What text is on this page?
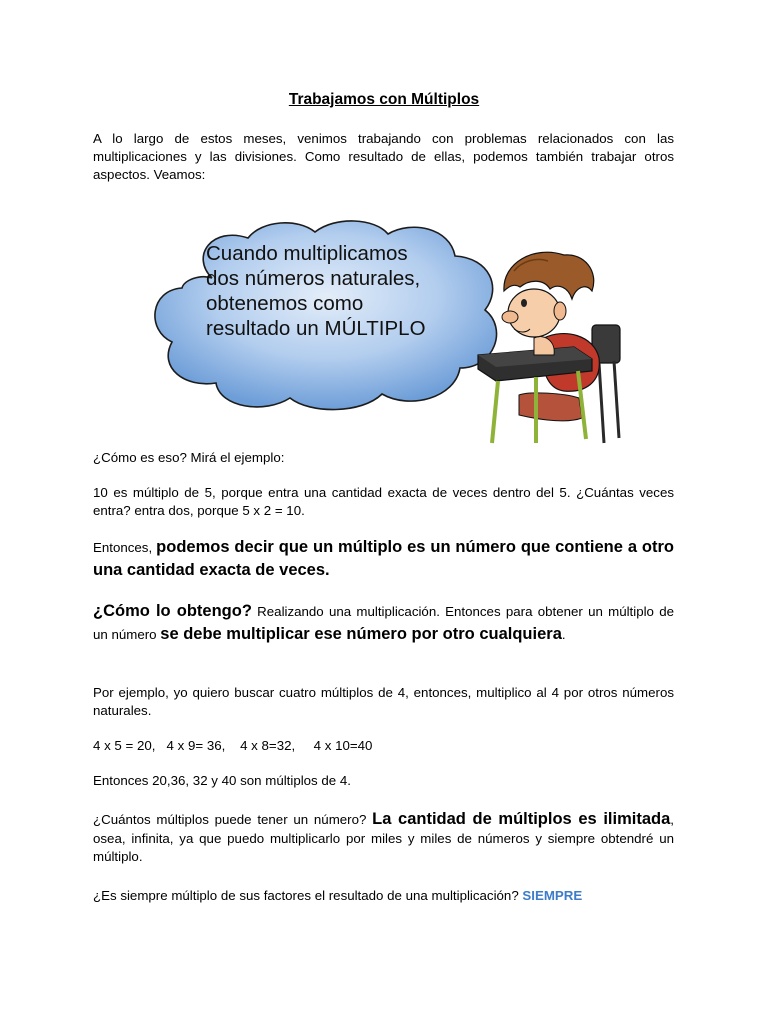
Trabajamos con Múltiplos

A lo largo de estos meses, venimos trabajando con problemas relacionados con las multiplicaciones y las divisiones. Como resultado de ellas, podemos también trabajar otros aspectos. Veamos:

Cuando multiplicamos
dos números naturales,
obtenemos como
resultado un MÚLTIPLO

¿Cómo es eso? Mirá el ejemplo:

10 es múltiplo de 5, porque entra una cantidad exacta de veces dentro del 5. ¿Cuántas veces entra? entra dos, porque 5 x 2 = 10.

Entonces, podemos decir que un múltiplo es un número que contiene a otro una cantidad exacta de veces.

¿Cómo lo obtengo? Realizando una multiplicación. Entonces para obtener un múltiplo de un número se debe multiplicar ese número por otro cualquiera.

Por ejemplo, yo quiero buscar cuatro múltiplos de 4, entonces, multiplico al 4 por otros números naturales.

4 x 5 = 20,   4 x 9= 36,    4 x 8=32,     4 x 10=40

Entonces 20,36, 32 y 40 son múltiplos de 4.

¿Cuántos múltiplos puede tener un número? La cantidad de múltiplos es ilimitada, osea, infinita, ya que puedo multiplicarlo por miles y miles de números y siempre obtendré un múltiplo.

¿Es siempre múltiplo de sus factores el resultado de una multiplicación? SIEMPRE
